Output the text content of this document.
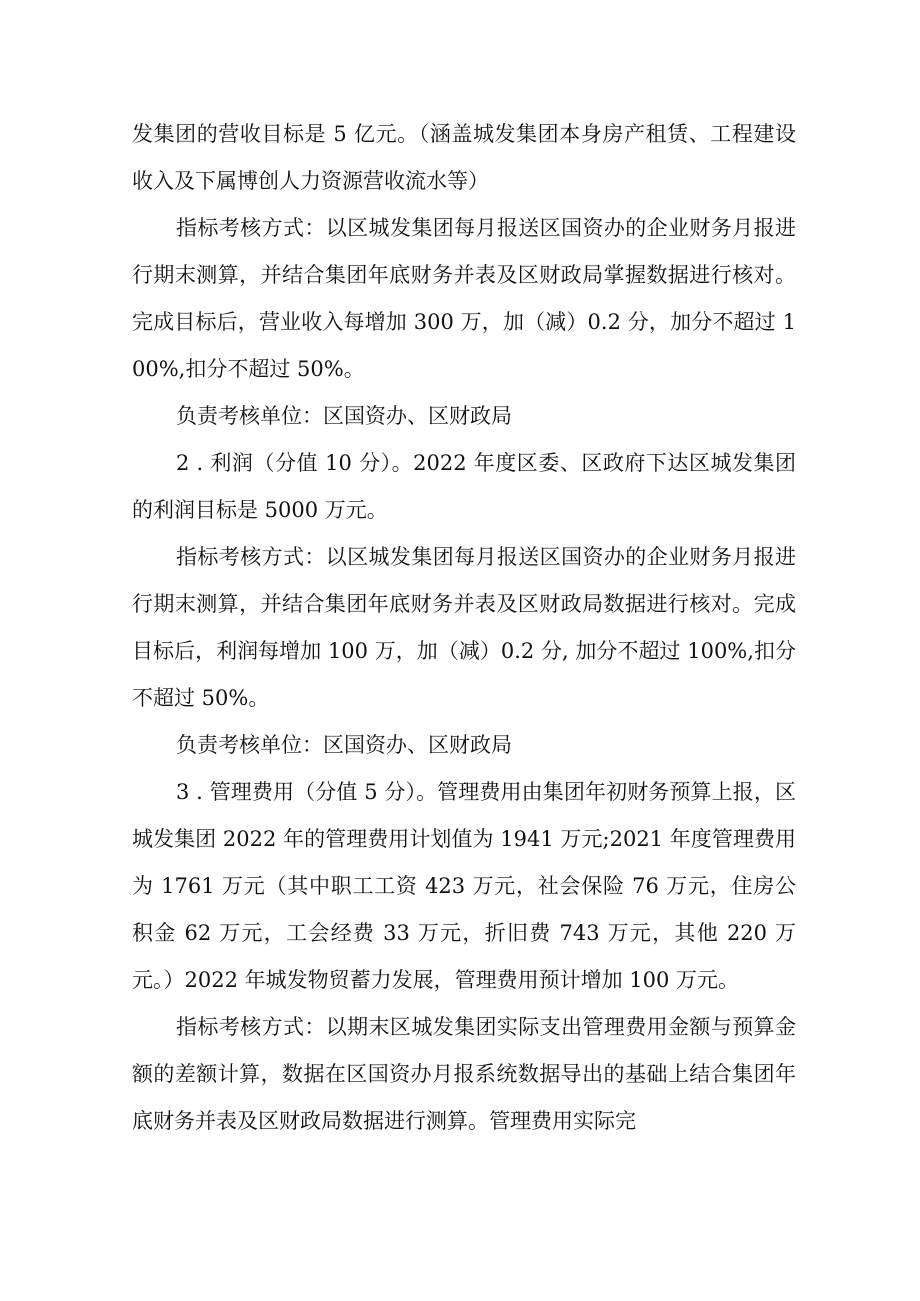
发集团的营收目标是 5 亿元。（涵盖城发集团本身房产租赁、工程建设收入及下属博创人力资源营收流水等）

指标考核方式：以区城发集团每月报送区国资办的企业财务月报进行期末测算，并结合集团年底财务并表及区财政局掌握数据进行核对。完成目标后，营业收入每增加 300 万，加（减）0.2 分，加分不超过 100%,扣分不超过 50%。

负责考核单位：区国资办、区财政局

2 . 利润（分值 10 分）。2022 年度区委、区政府下达区城发集团的利润目标是 5000 万元。

指标考核方式：以区城发集团每月报送区国资办的企业财务月报进行期末测算，并结合集团年底财务并表及区财政局数据进行核对。完成目标后，利润每增加 100 万，加（减）0.2 分, 加分不超过 100%,扣分不超过 50%。

负责考核单位：区国资办、区财政局

3 . 管理费用（分值 5 分）。管理费用由集团年初财务预算上报，区城发集团 2022 年的管理费用计划值为 1941 万元;2021 年度管理费用为 1761 万元（其中职工工资 423 万元，社会保险 76 万元，住房公积金 62 万元，工会经费 33 万元，折旧费 743 万元，其他 220 万元。）2022 年城发物贸蓄力发展，管理费用预计增加 100 万元。

指标考核方式：以期末区城发集团实际支出管理费用金额与预算金额的差额计算，数据在区国资办月报系统数据导出的基础上结合集团年底财务并表及区财政局数据进行测算。管理费用实际完
